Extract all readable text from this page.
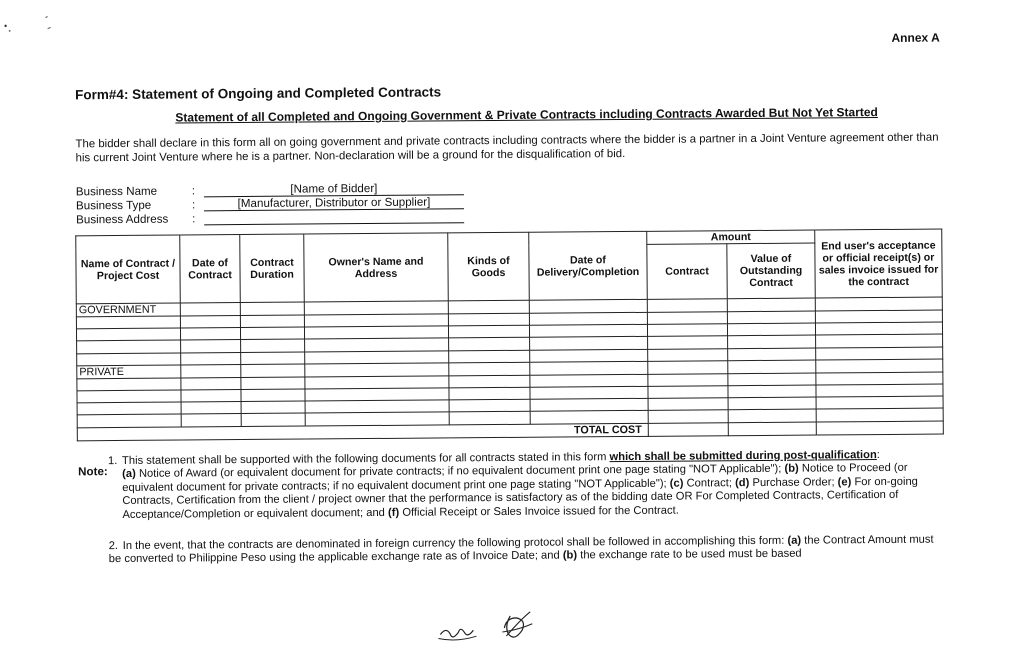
Annex A
Form#4: Statement of Ongoing and Completed Contracts
Statement of all Completed and Ongoing Government & Private Contracts including Contracts Awarded But Not Yet Started
The bidder shall declare in this form all on going government and private contracts including contracts where the bidder is a partner in a Joint Venture agreement other than his current Joint Venture where he is a partner. Non-declaration will be a ground for the disqualification of bid.
Business Name	:	[Name of Bidder]
Business Type	:	[Manufacturer, Distributor or Supplier]
Business Address :
Name of Contract / Project Cost	Date of Contract	Contract Duration	Owner's Name and Address	Kinds of Goods	Date of Delivery/Completion	Amount		End user's acceptance or official receipt(s) or sales invoice issued for the contract
						Contract	Value of Outstanding Contract	
GOVERNMENT								

PRIVATE								

TOTAL COST								
Note:
1. This statement shall be supported with the following documents for all contracts stated in this form which shall be submitted during post-qualification:
(a) Notice of Award (or equivalent document for private contracts; if no equivalent document print one page stating "NOT Applicable"); (b) Notice to Proceed (or equivalent document for private contracts; if no equivalent document print one page stating "NOT Applicable"); (c) Contract; (d) Purchase Order; (e) For on-going Contracts, Certification from the client / project owner that the performance is satisfactory as of the bidding date OR For Completed Contracts, Certification of Acceptance/Completion or equivalent document; and (f) Official Receipt or Sales Invoice issued for the Contract.
2. In the event, that the contracts are denominated in foreign currency the following protocol shall be followed in accomplishing this form: (a) the Contract Amount must be converted to Philippine Peso using the applicable exchange rate as of Invoice Date; and (b) the exchange rate to be used must be based
